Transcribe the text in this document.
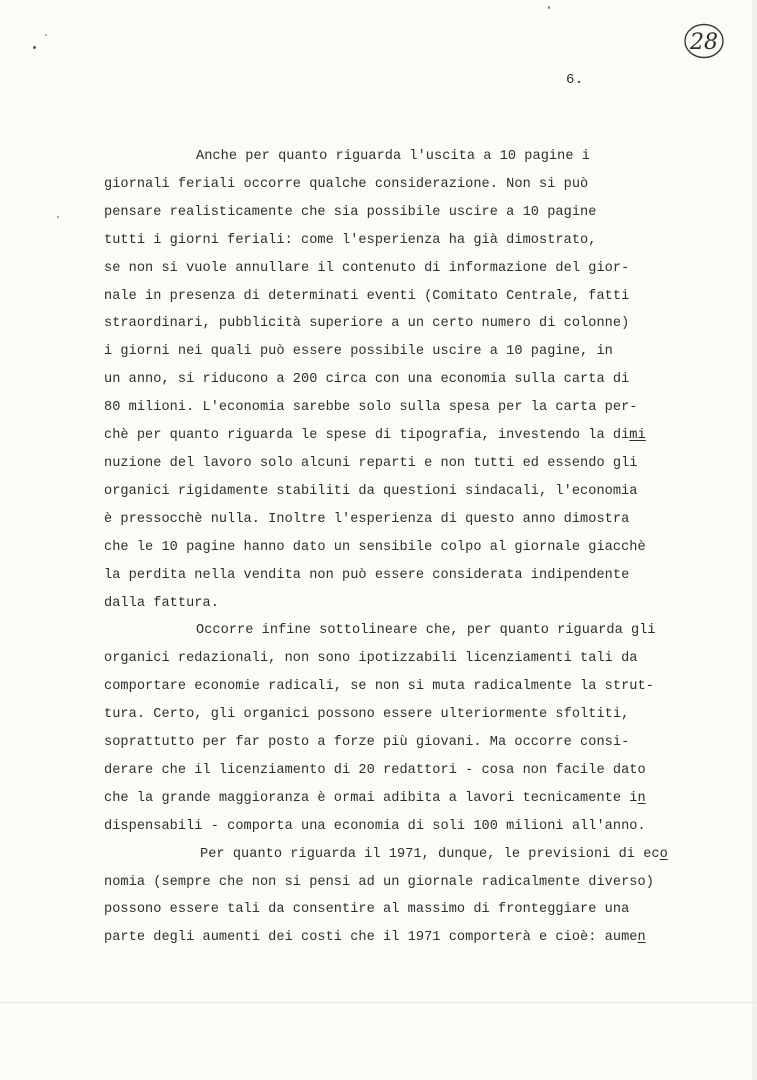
28
6.
Anche per quanto riguarda l'uscita a 10 pagine i
giornali feriali occorre qualche considerazione. Non si può
pensare realisticamente che sia possibile uscire a 10 pagine
tutti i giorni feriali: come l'esperienza ha già dimostrato,
se non si vuole annullare il contenuto di informazione del gior-
nale in presenza di determinati eventi (Comitato Centrale, fatti
straordinari, pubblicità superiore a un certo numero di colonne)
i giorni nei quali può essere possibile uscire a 10 pagine, in
un anno, si riducono a 200 circa con una economia sulla carta di
80 milioni. L'economia sarebbe solo sulla spesa per la carta per-
chè per quanto riguarda le spese di tipografia, investendo la dimi
nuzione del lavoro solo alcuni reparti e non tutti ed essendo gli
organici rigidamente stabiliti da questioni sindacali, l'economia
è pressocchè nulla. Inoltre l'esperienza di questo anno dimostra
che le 10 pagine hanno dato un sensibile colpo al giornale giacchè
la perdita nella vendita non può essere considerata indipendente
dalla fattura.
Occorre infine sottolineare che, per quanto riguarda gli
organici redazionali, non sono ipotizzabili licenziamenti tali da
comportare economie radicali, se non si muta radicalmente la strut-
tura. Certo, gli organici possono essere ulteriormente sfoltiti,
soprattutto per far posto a forze più giovani. Ma occorre consi-
derare che il licenziamento di 20 redattori - cosa non facile dato
che la grande maggioranza è ormai adibita a lavori tecnicamente in
dispensabili - comporta una economia di soli 100 milioni all'anno.
Per quanto riguarda il 1971, dunque, le previsioni di eco
nomia (sempre che non si pensi ad un giornale radicalmente diverso)
possono essere tali da consentire al massimo di fronteggiare una
parte degli aumenti dei costi che il 1971 comporterà e cioè: aumen
